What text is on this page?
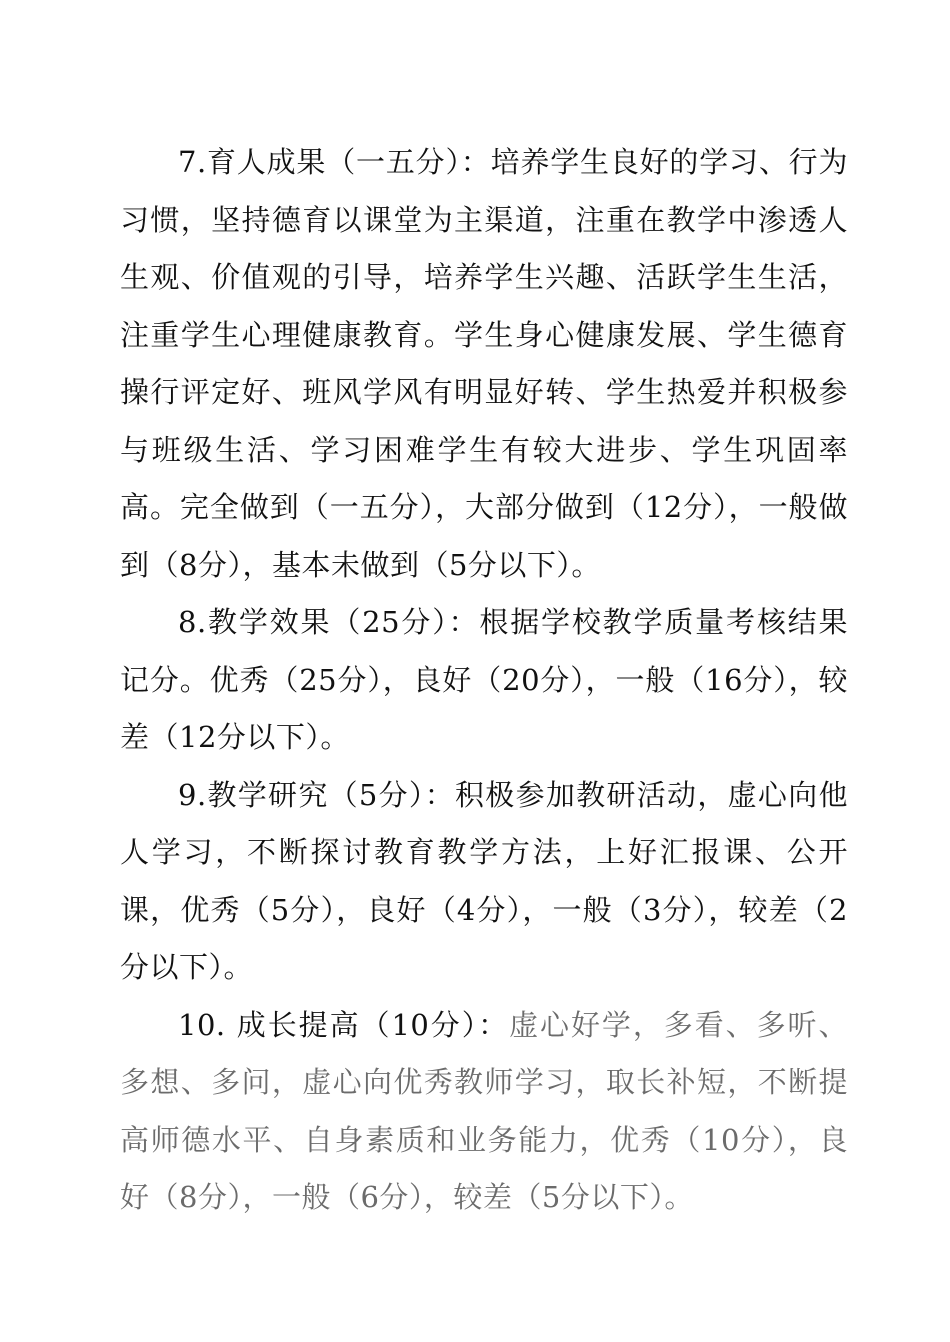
7.育人成果（一五分）：培养学生良好的学习、行为习惯，坚持德育以课堂为主渠道，注重在教学中渗透人生观、价值观的引导，培养学生兴趣、活跃学生生活，注重学生心理健康教育。学生身心健康发展、学生德育操行评定好、班风学风有明显好转、学生热爱并积极参与班级生活、学习困难学生有较大进步、学生巩固率高。完全做到（一五分），大部分做到（12分），一般做到（8分），基本未做到（5分以下）。

8.教学效果（25分）：根据学校教学质量考核结果记分。优秀（25分），良好（20分），一般（16分），较差（12分以下）。

9.教学研究（5分）：积极参加教研活动，虚心向他人学习，不断探讨教育教学方法，上好汇报课、公开课，优秀（5分），良好（4分），一般（3分），较差（2分以下）。

10. 成长提高（10分）：虚心好学，多看、多听、多想、多问，虚心向优秀教师学习，取长补短，不断提高师德水平、自身素质和业务能力，优秀（10分），良好（8分），一般（6分），较差（5分以下）。
